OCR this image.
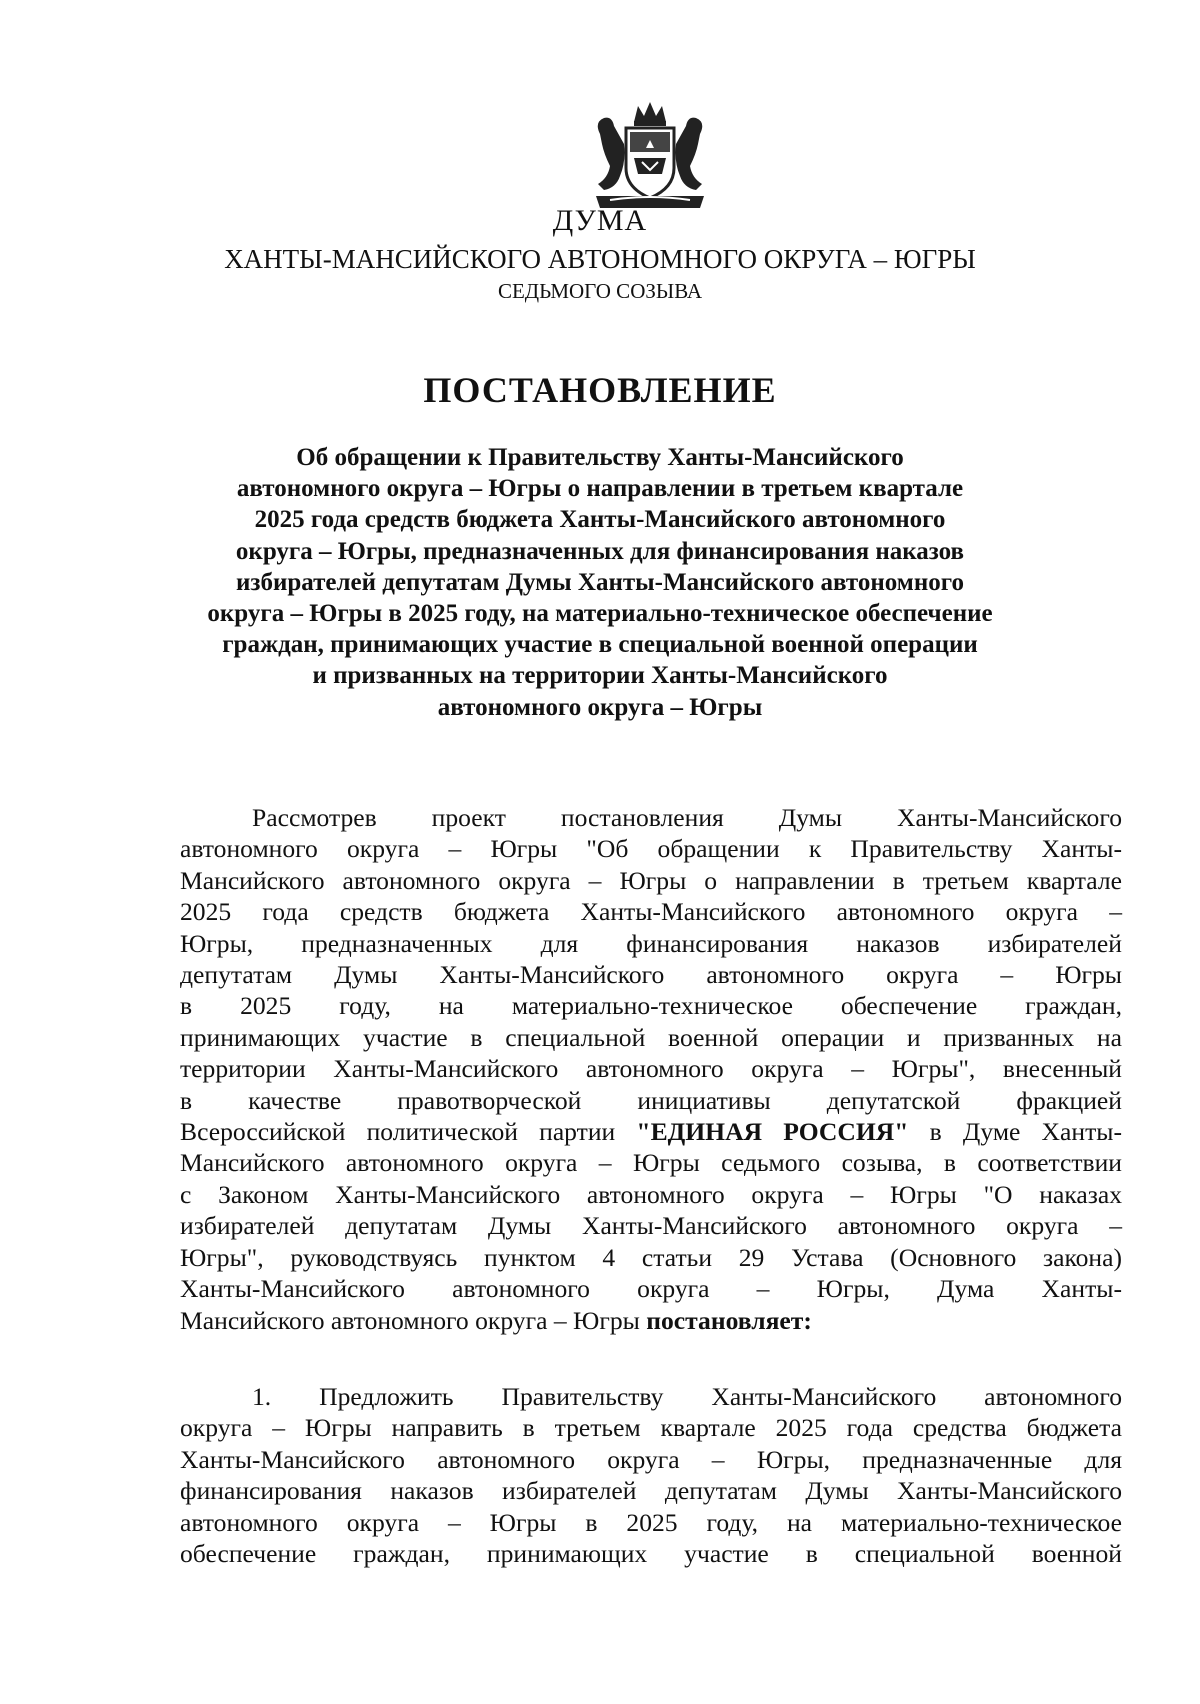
ДУМА
ХАНТЫ-МАНСИЙСКОГО АВТОНОМНОГО ОКРУГА – ЮГРЫ
СЕДЬМОГО СОЗЫВА
ПОСТАНОВЛЕНИЕ
Об обращении к Правительству Ханты-Мансийского
автономного округа – Югры о направлении в третьем квартале
2025 года средств бюджета Ханты-Мансийского автономного
округа – Югры, предназначенных для финансирования наказов
избирателей депутатам Думы Ханты-Мансийского автономного
округа – Югры в 2025 году, на материально-техническое обеспечение
граждан, принимающих участие в специальной военной операции
и призванных на территории Ханты-Мансийского
автономного округа – Югры
Рассмотрев проект постановления Думы Ханты-Мансийского
автономного округа – Югры "Об обращении к Правительству Ханты-
Мансийского автономного округа – Югры о направлении в третьем квартале
2025 года средств бюджета Ханты-Мансийского автономного округа –
Югры, предназначенных для финансирования наказов избирателей
депутатам Думы Ханты-Мансийского автономного округа – Югры
в 2025 году, на материально-техническое обеспечение граждан,
принимающих участие в специальной военной операции и призванных на
территории Ханты-Мансийского автономного округа – Югры", внесенный
в качестве правотворческой инициативы депутатской фракцией
Всероссийской политической партии "ЕДИНАЯ РОССИЯ" в Думе Ханты-
Мансийского автономного округа – Югры седьмого созыва, в соответствии
с Законом Ханты-Мансийского автономного округа – Югры "О наказах
избирателей депутатам Думы Ханты-Мансийского автономного округа –
Югры", руководствуясь пунктом 4 статьи 29 Устава (Основного закона)
Ханты-Мансийского автономного округа – Югры, Дума Ханты-
Мансийского автономного округа – Югры постановляет:
1. Предложить Правительству Ханты-Мансийского автономного
округа – Югры направить в третьем квартале 2025 года средства бюджета
Ханты-Мансийского автономного округа – Югры, предназначенные для
финансирования наказов избирателей депутатам Думы Ханты-Мансийского
автономного округа – Югры в 2025 году, на материально-техническое
обеспечение граждан, принимающих участие в специальной военной
